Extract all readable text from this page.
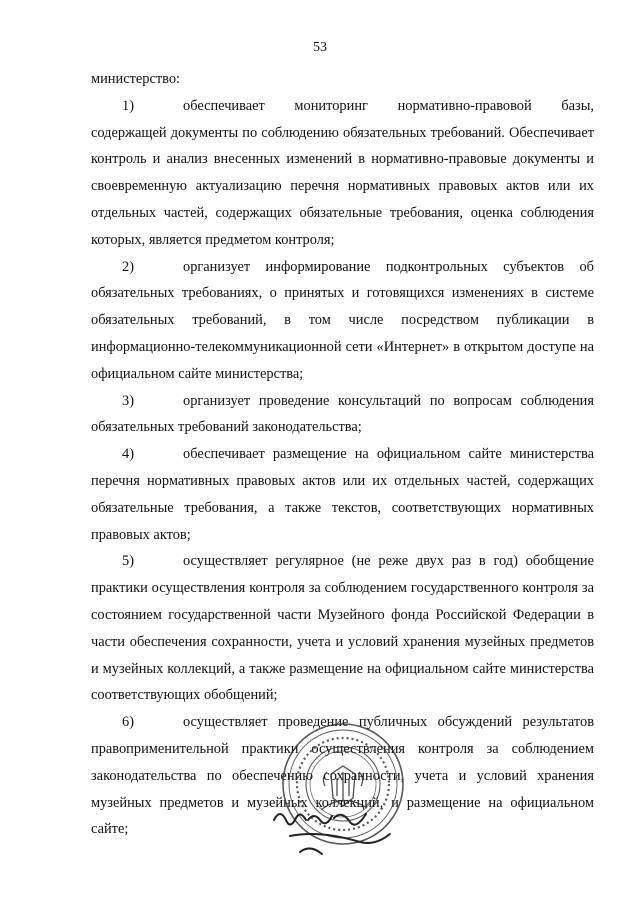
53

министерство:

1)	обеспечивает мониторинг нормативно-правовой базы, содержащей документы по соблюдению обязательных требований. Обеспечивает контроль и анализ внесенных изменений в нормативно-правовые документы и своевременную актуализацию перечня нормативных правовых актов или их отдельных частей, содержащих обязательные требования, оценка соблюдения которых, является предметом контроля;

2)	организует информирование подконтрольных субъектов об обязательных требованиях, о принятых и готовящихся изменениях в системе обязательных требований, в том числе посредством публикации в информационно-телекоммуникационной сети «Интернет» в открытом доступе на официальном сайте министерства;

3)	организует проведение консультаций по вопросам соблюдения обязательных требований законодательства;

4)	обеспечивает размещение на официальном сайте министерства перечня нормативных правовых актов или их отдельных частей, содержащих обязательные требования, а также текстов, соответствующих нормативных правовых актов;

5)	осуществляет регулярное (не реже двух раз в год) обобщение практики осуществления контроля за соблюдением государственного контроля за состоянием государственной части Музейного фонда Российской Федерации в части обеспечения сохранности, учета и условий хранения музейных предметов и музейных коллекций, а также размещение на официальном сайте министерства соответствующих обобщений;

6)	осуществляет проведение публичных обсуждений результатов правоприменительной практики осуществления контроля за соблюдением законодательства по обеспечению сохранности, учета и условий хранения музейных предметов и музейных коллекций, и размещение на официальном сайте;
